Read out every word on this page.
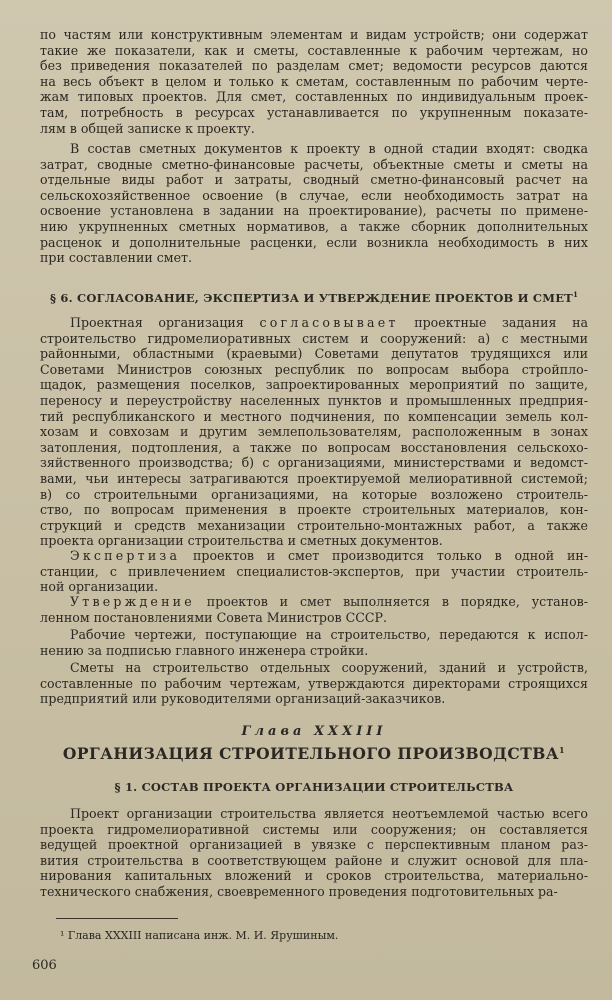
по частям или конструктивным элементам и видам устройств; они содержат
такие же показатели, как и сметы, составленные к рабочим чертежам, но
без приведения показателей по разделам смет; ведомости ресурсов даются
на весь объект в целом и только к сметам, составленным по рабочим черте-
жам типовых проектов. Для смет, составленных по индивидуальным проек-
там, потребность в ресурсах устанавливается по укрупненным показате-
лям в общей записке к проекту.
В состав сметных документов к проекту в одной стадии входят: сводка
затрат, сводные сметно-финансовые расчеты, объектные сметы и сметы на
отдельные виды работ и затраты, сводный сметно-финансовый расчет на
сельскохозяйственное освоение (в случае, если необходимость затрат на
освоение установлена в задании на проектирование), расчеты по примене-
нию укрупненных сметных нормативов, а также сборник дополнительных
расценок и дополнительные расценки, если возникла необходимость в них
при составлении смет.

§ 6. СОГЛАСОВАНИЕ, ЭКСПЕРТИЗА И УТВЕРЖДЕНИЕ ПРОЕКТОВ И СМЕТ$^1$

Проектная организация согласовывает проектные задания на
строительство гидромелиоративных систем и сооружений: а) с местными
районными, областными (краевыми) Советами депутатов трудящихся или
Советами Министров союзных республик по вопросам выбора стройпло-
щадок, размещения поселков, запроектированных мероприятий по защите,
переносу и переустройству населенных пунктов и промышленных предприя-
тий республиканского и местного подчинения, по компенсации земель кол-
хозам и совхозам и другим землепользователям, расположенным в зонах
затопления, подтопления, а также по вопросам восстановления сельскохо-
зяйственного производства; б) с организациями, министерствами и ведомст-
вами, чьи интересы затрагиваются проектируемой мелиоративной системой;
в) со строительными организациями, на которые возложено строитель-
ство, по вопросам применения в проекте строительных материалов, кон-
струкций и средств механизации строительно-монтажных работ, а также
проекта организации строительства и сметных документов.
Экспертиза проектов и смет производится только в одной ин-
станции, с привлечением специалистов-экспертов, при участии строитель-
ной организации.
Утверждение проектов и смет выполняется в порядке, установ-
ленном постановлениями Совета Министров СССР.
Рабочие чертежи, поступающие на строительство, передаются к испол-
нению за подписью главного инженера стройки.
Сметы на строительство отдельных сооружений, зданий и устройств,
составленные по рабочим чертежам, утверждаются директорами строящихся
предприятий или руководителями организаций-заказчиков.

Глава XXXIII

ОРГАНИЗАЦИЯ СТРОИТЕЛЬНОГО ПРОИЗВОДСТВА$^1$

§ 1. СОСТАВ ПРОЕКТА ОРГАНИЗАЦИИ СТРОИТЕЛЬСТВА

Проект организации строительства является неотъемлемой частью всего
проекта гидромелиоративной системы или сооружения; он составляется
ведущей проектной организацией в увязке с перспективным планом раз-
вития строительства в соответствующем районе и служит основой для пла-
нирования капитальных вложений и сроков строительства, материально-
технического снабжения, своевременного проведения подготовительных ра-
¹ Глава XXXIII написана инж. М. И. Ярушиным.
606
